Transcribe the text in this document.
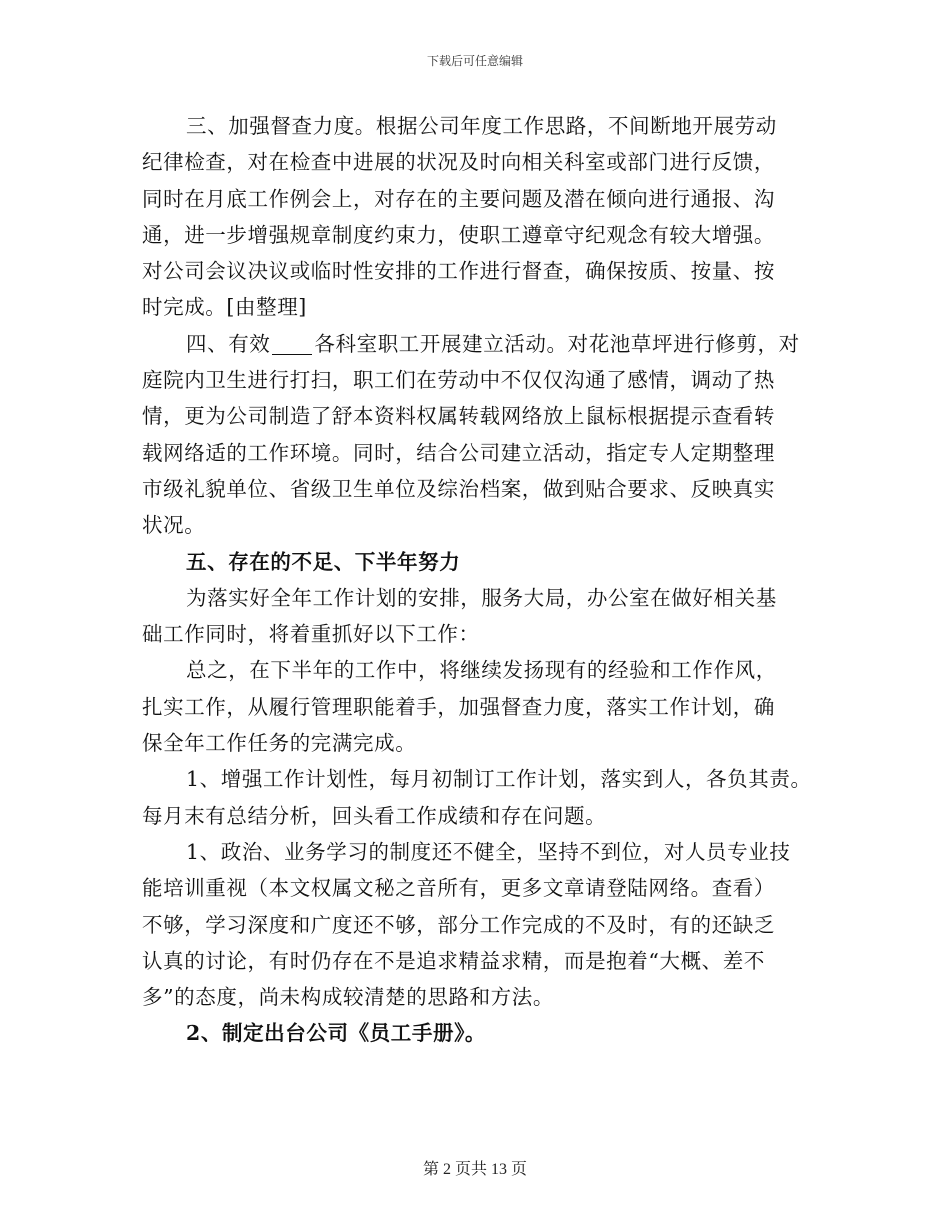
下载后可任意编辑
三、加强督查力度。根据公司年度工作思路，不间断地开展劳动
纪律检查，对在检查中进展的状况及时向相关科室或部门进行反馈，
同时在月底工作例会上，对存在的主要问题及潜在倾向进行通报、沟
通，进一步增强规章制度约束力，使职工遵章守纪观念有较大增强。
对公司会议决议或临时性安排的工作进行督查，确保按质、按量、按
时完成。[由整理]
四、有效 各科室职工开展建立活动。对花池草坪进行修剪，对
庭院内卫生进行打扫，职工们在劳动中不仅仅沟通了感情，调动了热
情，更为公司制造了舒本资料权属转载网络放上鼠标根据提示查看转
载网络适的工作环境。同时，结合公司建立活动，指定专人定期整理
市级礼貌单位、省级卫生单位及综治档案，做到贴合要求、反映真实
状况。
五、存在的不足、下半年努力
为落实好全年工作计划的安排，服务大局，办公室在做好相关基
础工作同时，将着重抓好以下工作：
总之，在下半年的工作中，将继续发扬现有的经验和工作作风，
扎实工作，从履行管理职能着手，加强督查力度，落实工作计划，确
保全年工作任务的完满完成。
1、增强工作计划性，每月初制订工作计划，落实到人，各负其责。
每月末有总结分析，回头看工作成绩和存在问题。
1、政治、业务学习的制度还不健全，坚持不到位，对人员专业技
能培训重视（本文权属文秘之音所有，更多文章请登陆网络。查看）
不够，学习深度和广度还不够，部分工作完成的不及时，有的还缺乏
认真的讨论，有时仍存在不是追求精益求精，而是抱着“大概、差不
多”的态度，尚未构成较清楚的思路和方法。
2、制定出台公司《员工手册》。
第 2 页共 13 页
